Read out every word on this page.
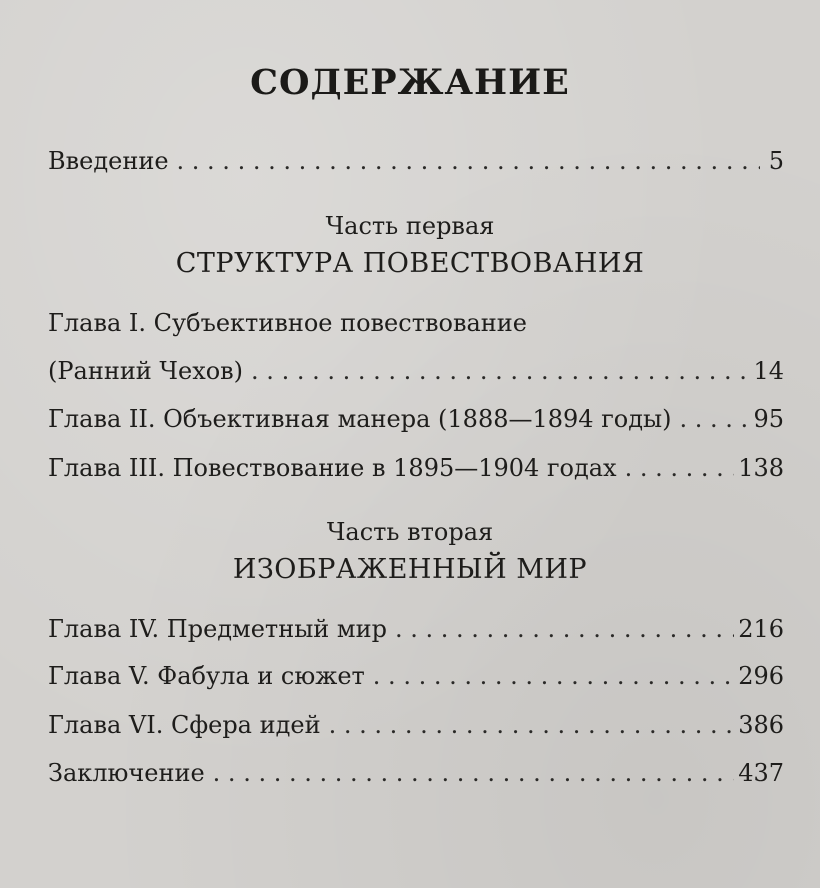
СОДЕРЖАНИЕ
Введение . . .	5
Часть первая
СТРУКТУРА ПОВЕСТВОВАНИЯ
Глава I. Субъективное повествование
(Ранний Чехов) . . .	14
Глава II. Объективная манера (1888—1894 годы) . . .	95
Глава III. Повествование в 1895—1904 годах . . .	138
Часть вторая
ИЗОБРАЖЕННЫЙ МИР
Глава IV. Предметный мир . . .	216
Глава V. Фабула и сюжет . . .	296
Глава VI. Сфера идей . . .	386
Заключение . . .	437
